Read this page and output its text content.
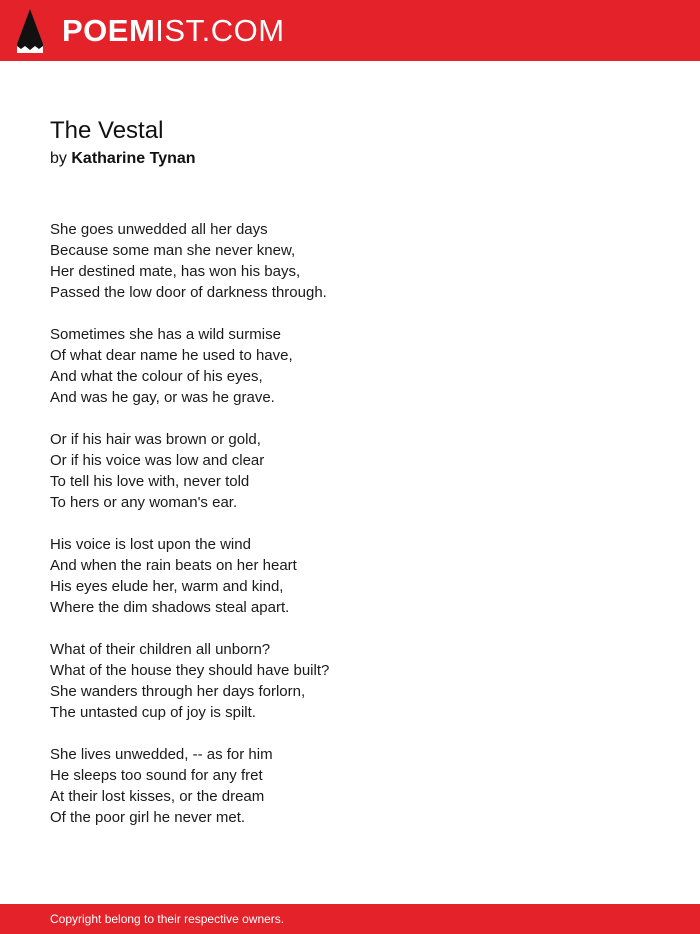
POEMIST.COM
The Vestal
by Katharine Tynan
She goes unwedded all her days
Because some man she never knew,
Her destined mate, has won his bays,
Passed the low door of darkness through.
Sometimes she has a wild surmise
Of what dear name he used to have,
And what the colour of his eyes,
And was he gay, or was he grave.
Or if his hair was brown or gold,
Or if his voice was low and clear
To tell his love with, never told
To hers or any woman's ear.
His voice is lost upon the wind
And when the rain beats on her heart
His eyes elude her, warm and kind,
Where the dim shadows steal apart.
What of their children all unborn?
What of the house they should have built?
She wanders through her days forlorn,
The untasted cup of joy is spilt.
She lives unwedded, -- as for him
He sleeps too sound for any fret
At their lost kisses, or the dream
Of the poor girl he never met.
Copyright belong to their respective owners.
